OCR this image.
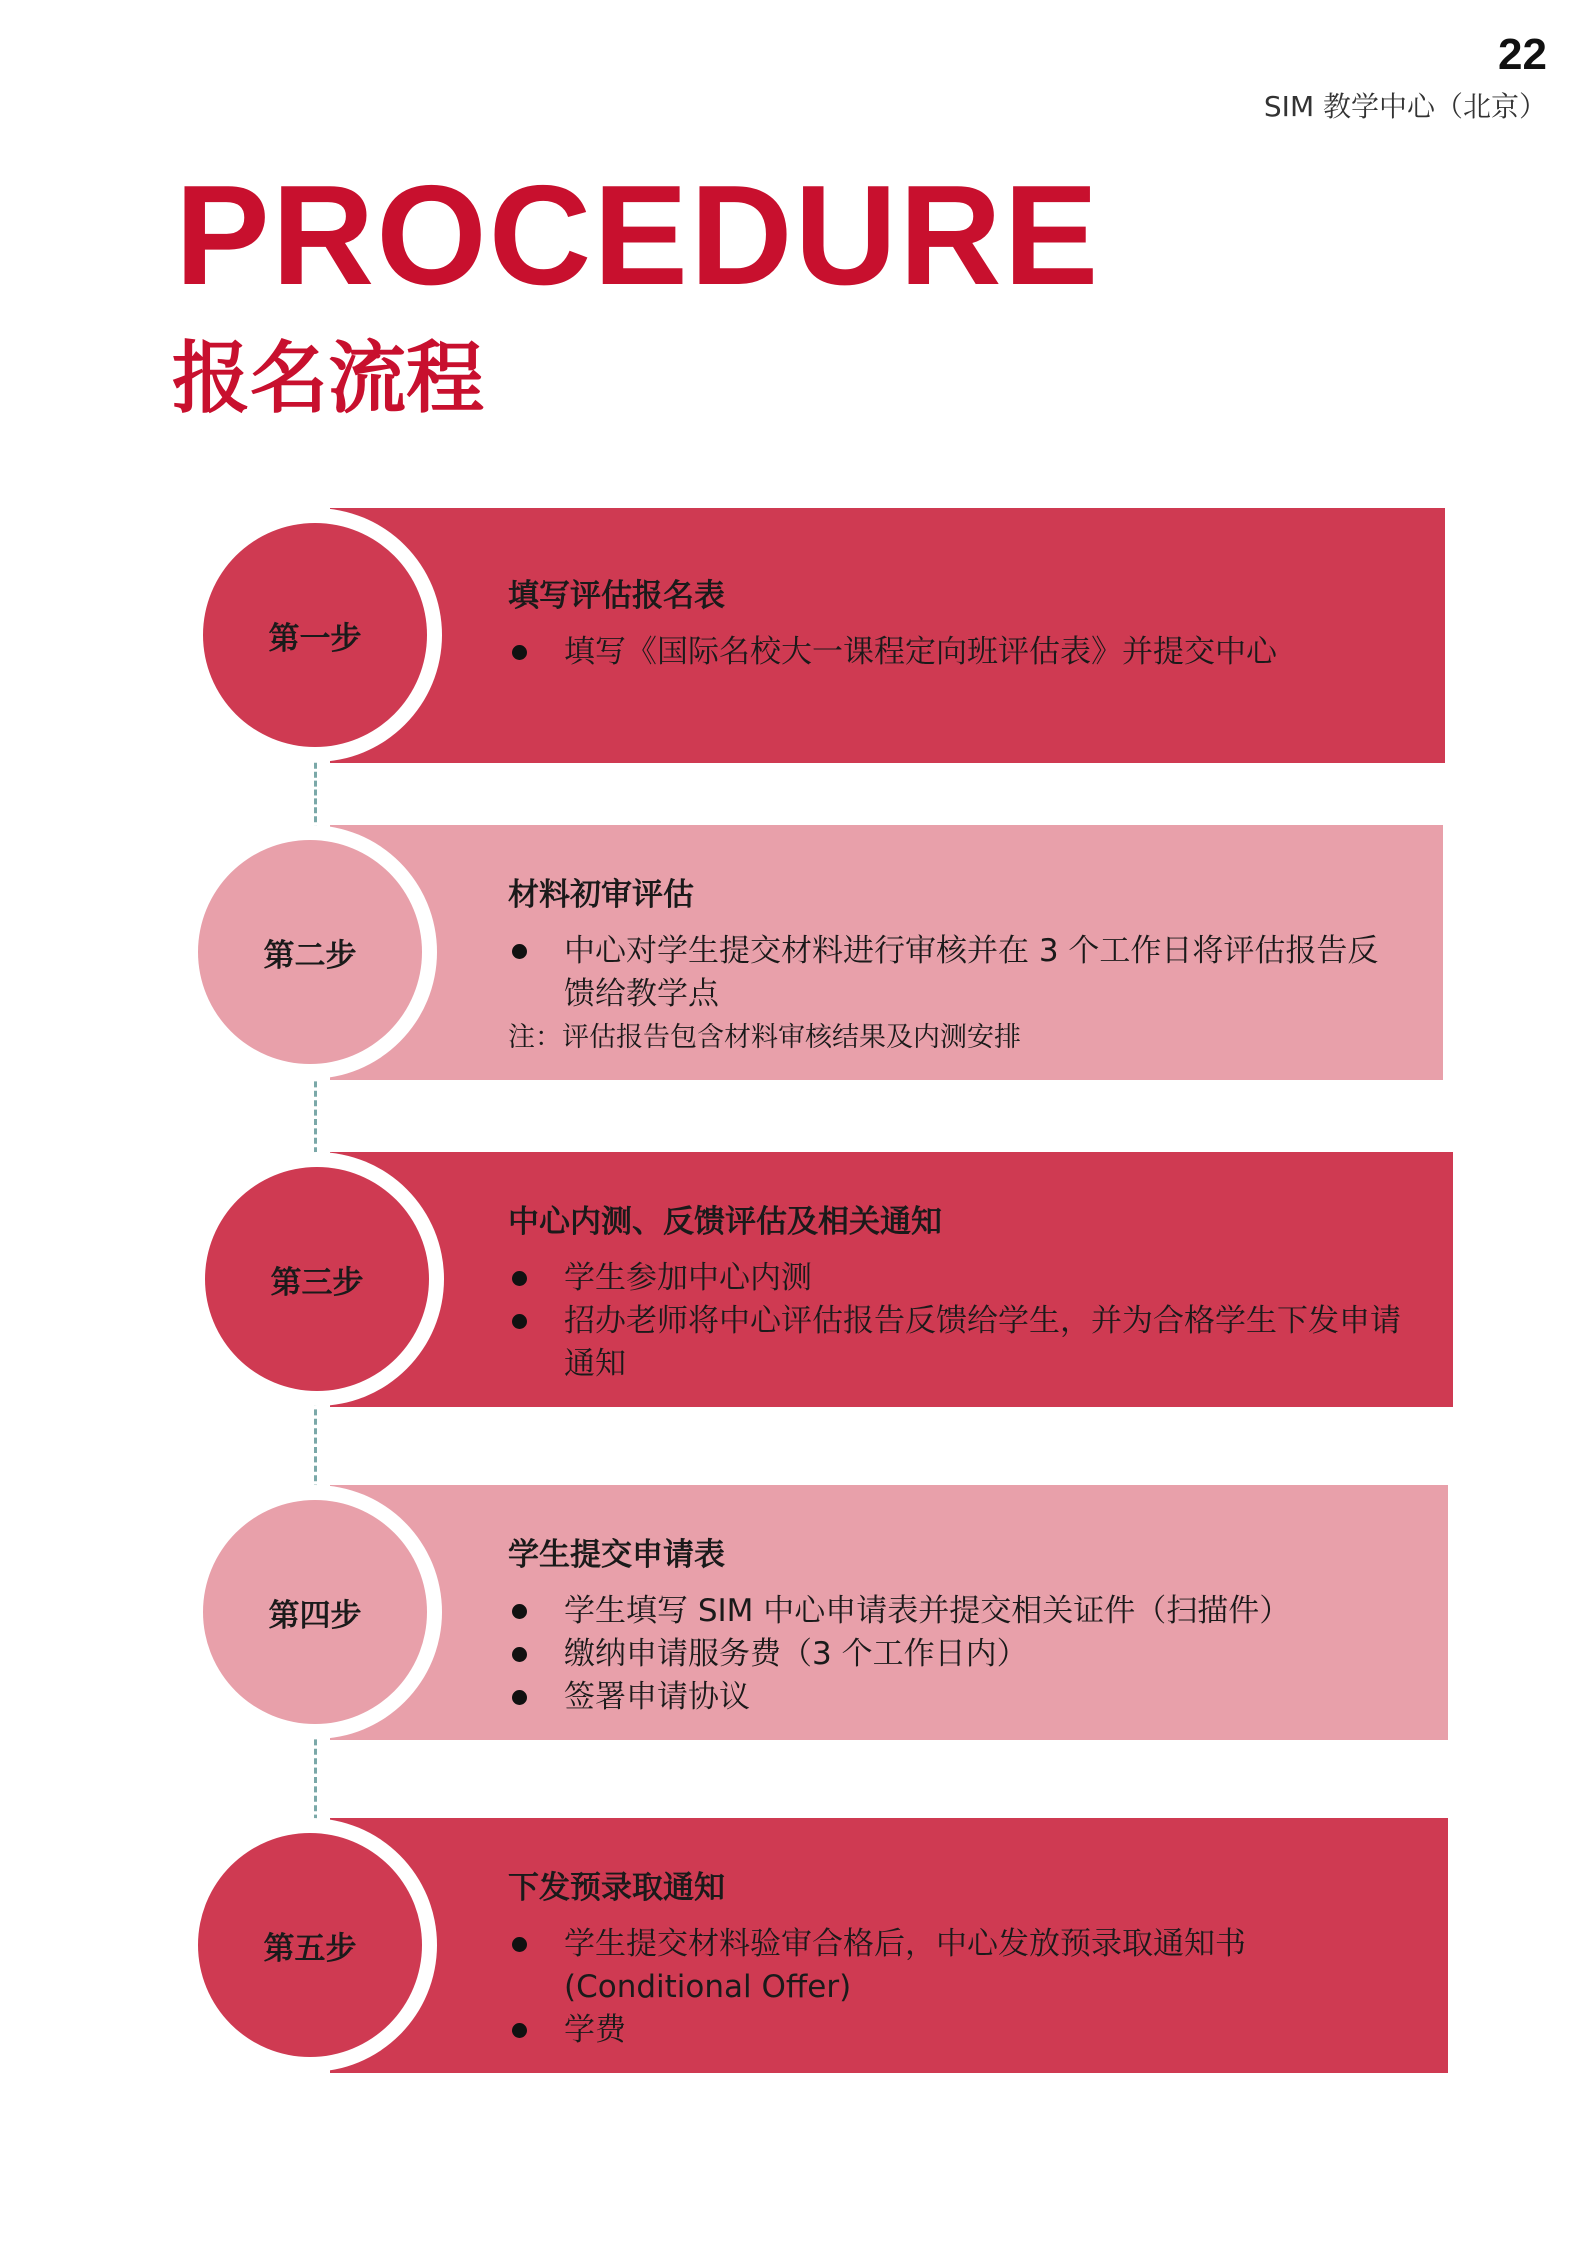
22
SIM 教学中心（北京）
PROCEDURE
报名流程
第一步
填写评估报名表
填写《国际名校大一课程定向班评估表》并提交中心
第二步
材料初审评估
中心对学生提交材料进行审核并在 3 个工作日将评估报告反馈给教学点
注：评估报告包含材料审核结果及内测安排
第三步
中心内测、反馈评估及相关通知
学生参加中心内测
招办老师将中心评估报告反馈给学生，并为合格学生下发申请通知
第四步
学生提交申请表
学生填写 SIM 中心申请表并提交相关证件（扫描件）
缴纳申请服务费（3 个工作日内）
签署申请协议
第五步
下发预录取通知
学生提交材料验审合格后，中心发放预录取通知书(Conditional Offer)
学费
